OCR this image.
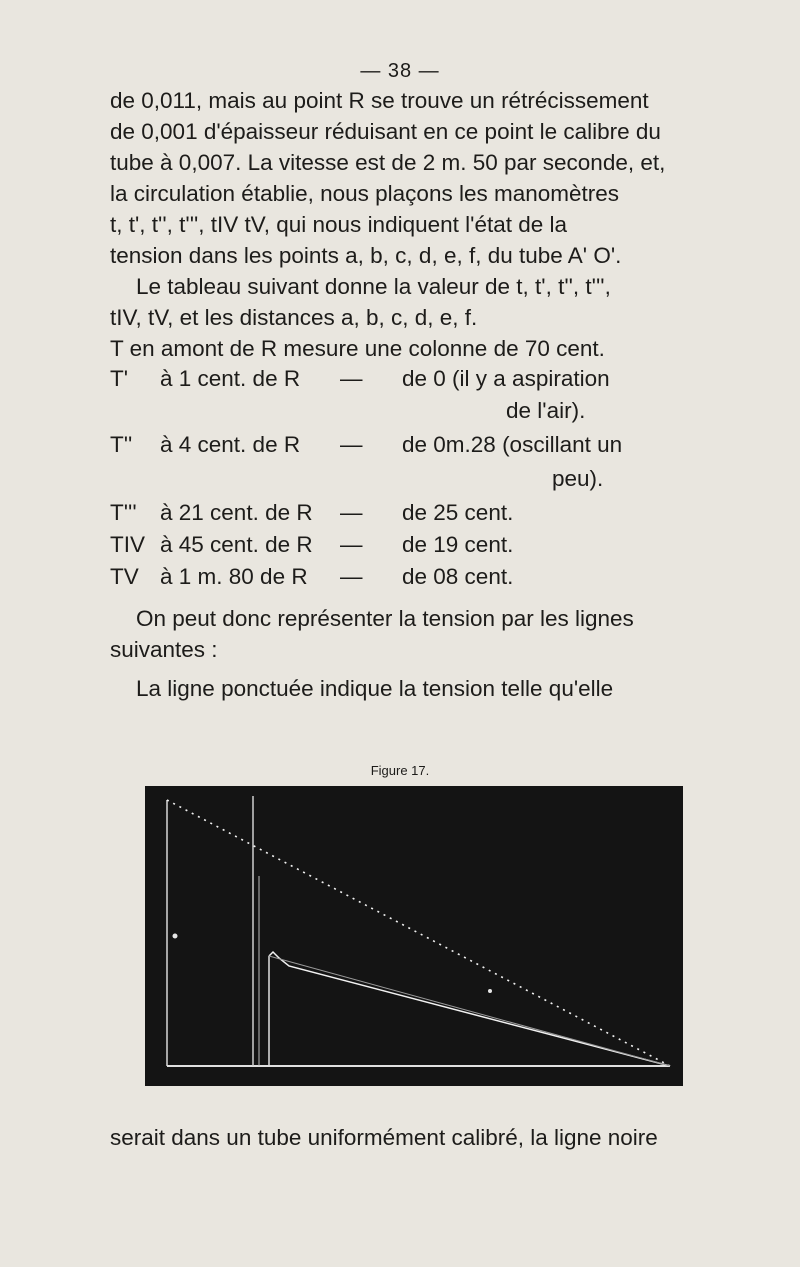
— 38 —

de 0,011, mais au point R se trouve un rétrécissement

de 0,001 d'épaisseur réduisant en ce point le calibre du

tube à 0,007. La vitesse est de 2 m. 50 par seconde, et,

la circulation établie, nous plaçons les manomètres

t, t', t'', t''', tIV tV, qui nous indiquent l'état de la

tension dans les points a, b, c, d, e, f, du tube A' O'.

Le tableau suivant donne la valeur de t, t', t'', t''',

tIV, tV, et les distances a, b, c, d, e, f.

T en amont de R mesure une colonne de 70 cent.

T' à 1 cent. de R — de 0 (il y a aspiration
de l'air).
T'' à 4 cent. de R — de 0m.28 (oscillant un
peu).
T''' à 21 cent. de R — de 25 cent.
TIV à 45 cent. de R — de 19 cent.
TV à 1 m. 80 de R — de 08 cent.

On peut donc représenter la tension par les lignes

suivantes :

La ligne ponctuée indique la tension telle qu'elle

Figure 17.
serait dans un tube uniformément calibré, la ligne noire
